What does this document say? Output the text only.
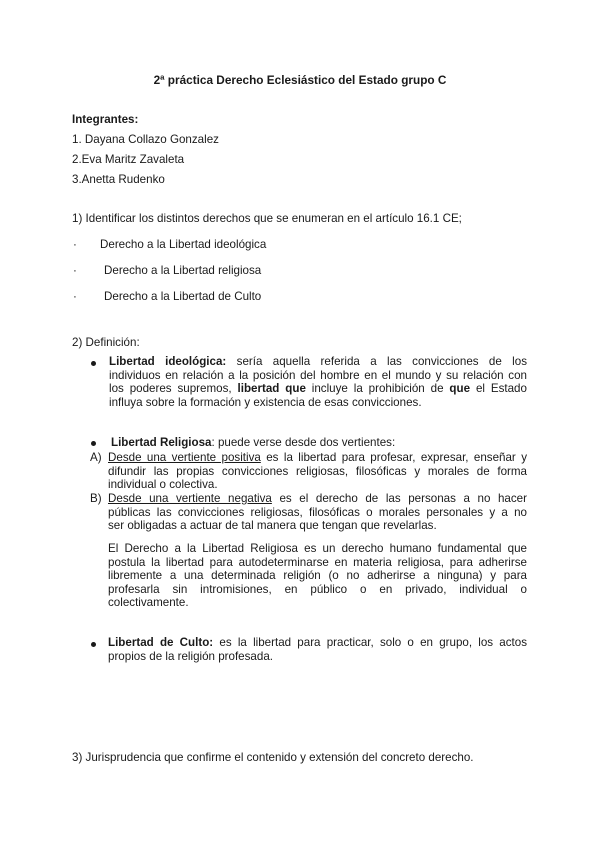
2ª práctica Derecho Eclesiástico del Estado grupo C
Integrantes:
1. Dayana Collazo Gonzalez
2.Eva Maritz Zavaleta
3.Anetta Rudenko
1) Identificar los distintos derechos que se enumeran en el artículo 16.1 CE;
· Derecho a la Libertad ideológica
· Derecho a la Libertad religiosa
· Derecho a la Libertad de Culto
2) Definición:
Libertad ideológica: sería aquella referida a las convicciones de los
individuos en relación a la posición del hombre en el mundo y su relación con
los poderes supremos, libertad que incluye la prohibición de que el Estado
influya sobre la formación y existencia de esas convicciones.
Libertad Religiosa: puede verse desde dos vertientes:
A) Desde una vertiente positiva es la libertad para profesar, expresar, enseñar y
difundir las propias convicciones religiosas, filosóficas y morales de forma
individual o colectiva.
B) Desde una vertiente negativa es el derecho de las personas a no hacer
públicas las convicciones religiosas, filosóficas o morales personales y a no
ser obligadas a actuar de tal manera que tengan que revelarlas.
El Derecho a la Libertad Religiosa es un derecho humano fundamental que
postula la libertad para autodeterminarse en materia religiosa, para adherirse
libremente a una determinada religión (o no adherirse a ninguna) y para
profesarla sin intromisiones, en público o en privado, individual o
colectivamente.
Libertad de Culto: es la libertad para practicar, solo o en grupo, los actos
propios de la religión profesada.
3) Jurisprudencia que confirme el contenido y extensión del concreto derecho.
